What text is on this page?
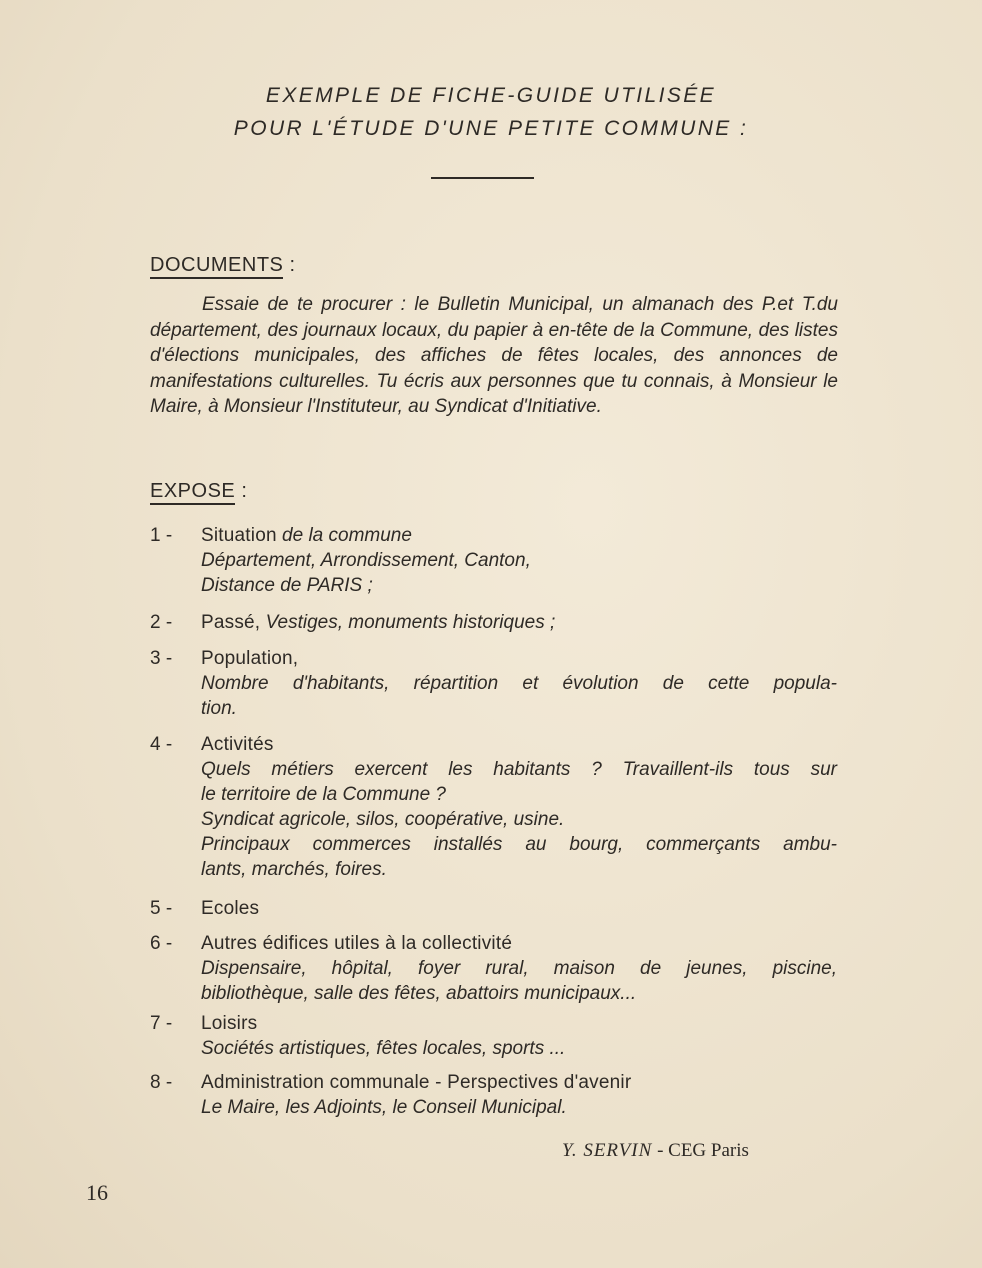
EXEMPLE DE FICHE-GUIDE UTILISÉE
POUR L'ÉTUDE D'UNE PETITE COMMUNE :
DOCUMENTS :

Essaie de te procurer : le Bulletin Municipal, un almanach des P.et T.du département, des journaux locaux, du papier à en-tête de la Commune, des listes d'élections municipales, des affiches de fêtes locales, des annonces de manifestations culturelles. Tu écris aux personnes que tu connais, à Monsieur le Maire, à Monsieur l'Instituteur, au Syndicat d'Initiative.

EXPOSE :
1 - Situation de la commune
Département, Arrondissement, Canton,
Distance de PARIS ;
2 - Passé, Vestiges, monuments historiques ;
3 - Population,
Nombre d'habitants, répartition et évolution de cette popula-
tion.
4 - Activités
Quels métiers exercent les habitants ? Travaillent-ils tous sur
le territoire de la Commune ?
Syndicat agricole, silos, coopérative, usine.
Principaux commerces installés au bourg, commerçants ambu-
lants, marchés, foires.
5 - Ecoles
6 - Autres édifices utiles à la collectivité
Dispensaire, hôpital, foyer rural, maison de jeunes, piscine,
bibliothèque, salle des fêtes, abattoirs municipaux...
7 - Loisirs
Sociétés artistiques, fêtes locales, sports ...
8 - Administration communale - Perspectives d'avenir
Le Maire, les Adjoints, le Conseil Municipal.
Y. SERVIN - CEG Paris
16
